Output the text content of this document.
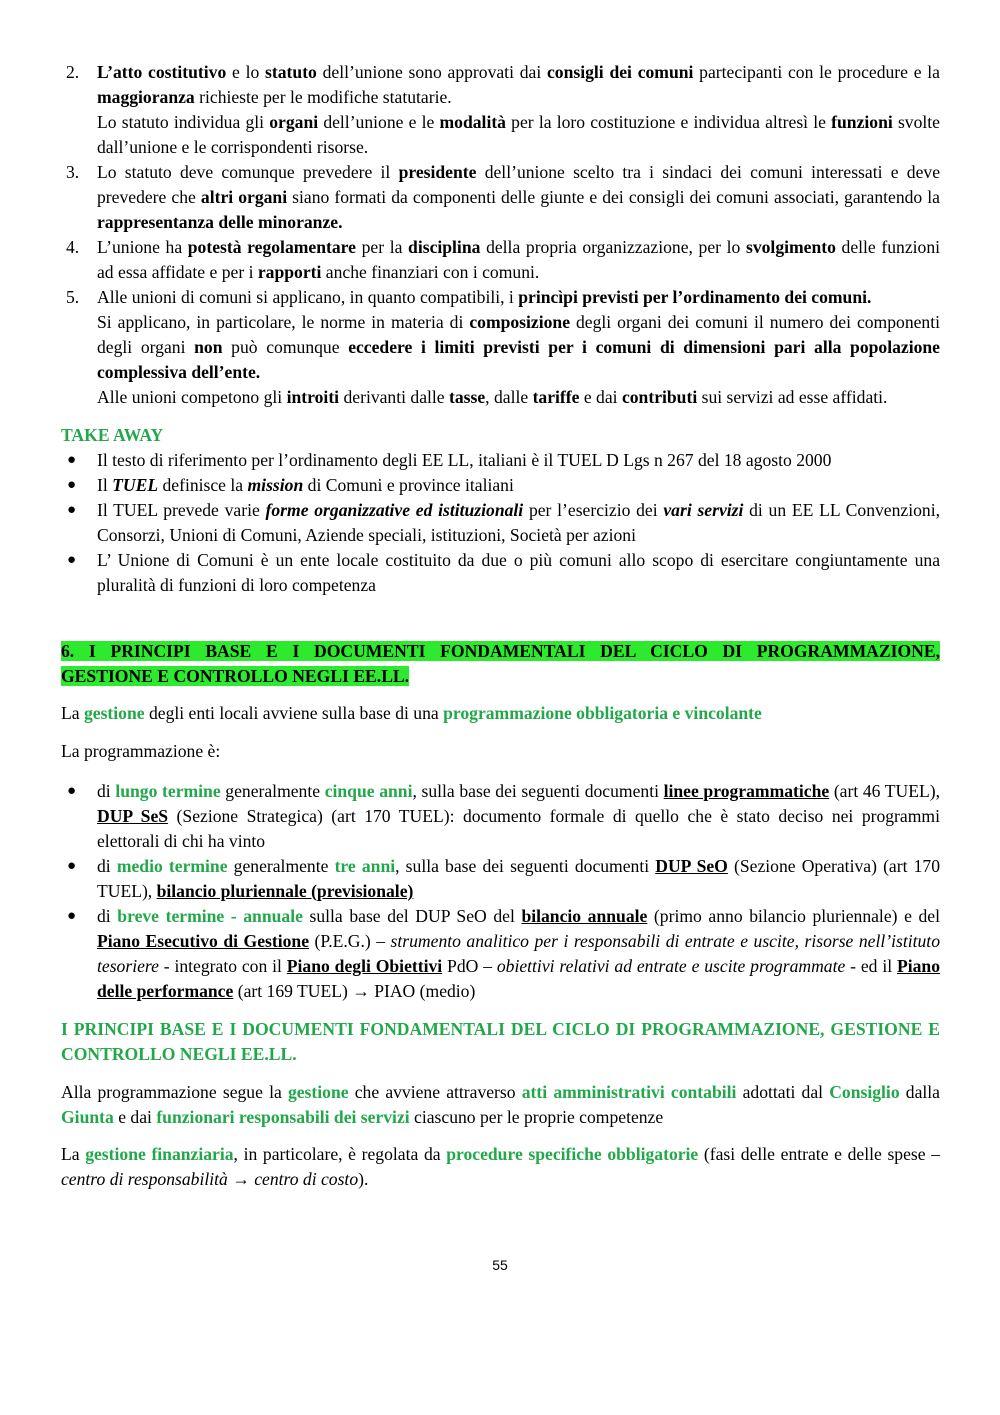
2. L’atto costitutivo e lo statuto dell’unione sono approvati dai consigli dei comuni partecipanti con le procedure e la maggioranza richieste per le modifiche statutarie.
Lo statuto individua gli organi dell’unione e le modalità per la loro costituzione e individua altresì le funzioni svolte dall’unione e le corrispondenti risorse.
3. Lo statuto deve comunque prevedere il presidente dell’unione scelto tra i sindaci dei comuni interessati e deve prevedere che altri organi siano formati da componenti delle giunte e dei consigli dei comuni associati, garantendo la rappresentanza delle minoranze.
4. L’unione ha potestà regolamentare per la disciplina della propria organizzazione, per lo svolgimento delle funzioni ad essa affidate e per i rapporti anche finanziari con i comuni.
5. Alle unioni di comuni si applicano, in quanto compatibili, i princìpi previsti per l’ordinamento dei comuni.
Si applicano, in particolare, le norme in materia di composizione degli organi dei comuni il numero dei componenti degli organi non può comunque eccedere i limiti previsti per i comuni di dimensioni pari alla popolazione complessiva dell’ente.
Alle unioni competono gli introiti derivanti dalle tasse, dalle tariffe e dai contributi sui servizi ad esse affidati.
TAKE AWAY
● Il testo di riferimento per l’ordinamento degli EE LL, italiani è il TUEL D Lgs n 267 del 18 agosto 2000
● Il TUEL definisce la mission di Comuni e province italiani
● Il TUEL prevede varie forme organizzative ed istituzionali per l’esercizio dei vari servizi di un EE LL Convenzioni, Consorzi, Unioni di Comuni, Aziende speciali, istituzioni, Società per azioni
● L’ Unione di Comuni è un ente locale costituito da due o più comuni allo scopo di esercitare congiuntamente una pluralità di funzioni di loro competenza
6. I PRINCIPI BASE E I DOCUMENTI FONDAMENTALI DEL CICLO DI PROGRAMMAZIONE,
GESTIONE E CONTROLLO NEGLI EE.LL.
La gestione degli enti locali avviene sulla base di una programmazione obbligatoria e vincolante
La programmazione è:
● di lungo termine generalmente cinque anni, sulla base dei seguenti documenti linee programmatiche (art 46 TUEL), DUP SeS (Sezione Strategica) (art 170 TUEL): documento formale di quello che è stato deciso nei programmi elettorali di chi ha vinto
● di medio termine generalmente tre anni, sulla base dei seguenti documenti DUP SeO (Sezione Operativa) (art 170 TUEL), bilancio pluriennale (previsionale)
● di breve termine - annuale sulla base del DUP SeO del bilancio annuale (primo anno bilancio pluriennale) e del Piano Esecutivo di Gestione (P.E.G.) – strumento analitico per i responsabili di entrate e uscite, risorse nell’istituto tesoriere - integrato con il Piano degli Obiettivi PdO – obiettivi relativi ad entrate e uscite programmate - ed il Piano delle performance (art 169 TUEL) → PIAO (medio)
I PRINCIPI BASE E I DOCUMENTI FONDAMENTALI DEL CICLO DI PROGRAMMAZIONE, GESTIONE E CONTROLLO NEGLI EE.LL.
Alla programmazione segue la gestione che avviene attraverso atti amministrativi contabili adottati dal Consiglio dalla Giunta e dai funzionari responsabili dei servizi ciascuno per le proprie competenze
La gestione finanziaria, in particolare, è regolata da procedure specifiche obbligatorie (fasi delle entrate e delle spese – centro di responsabilità → centro di costo).
55
